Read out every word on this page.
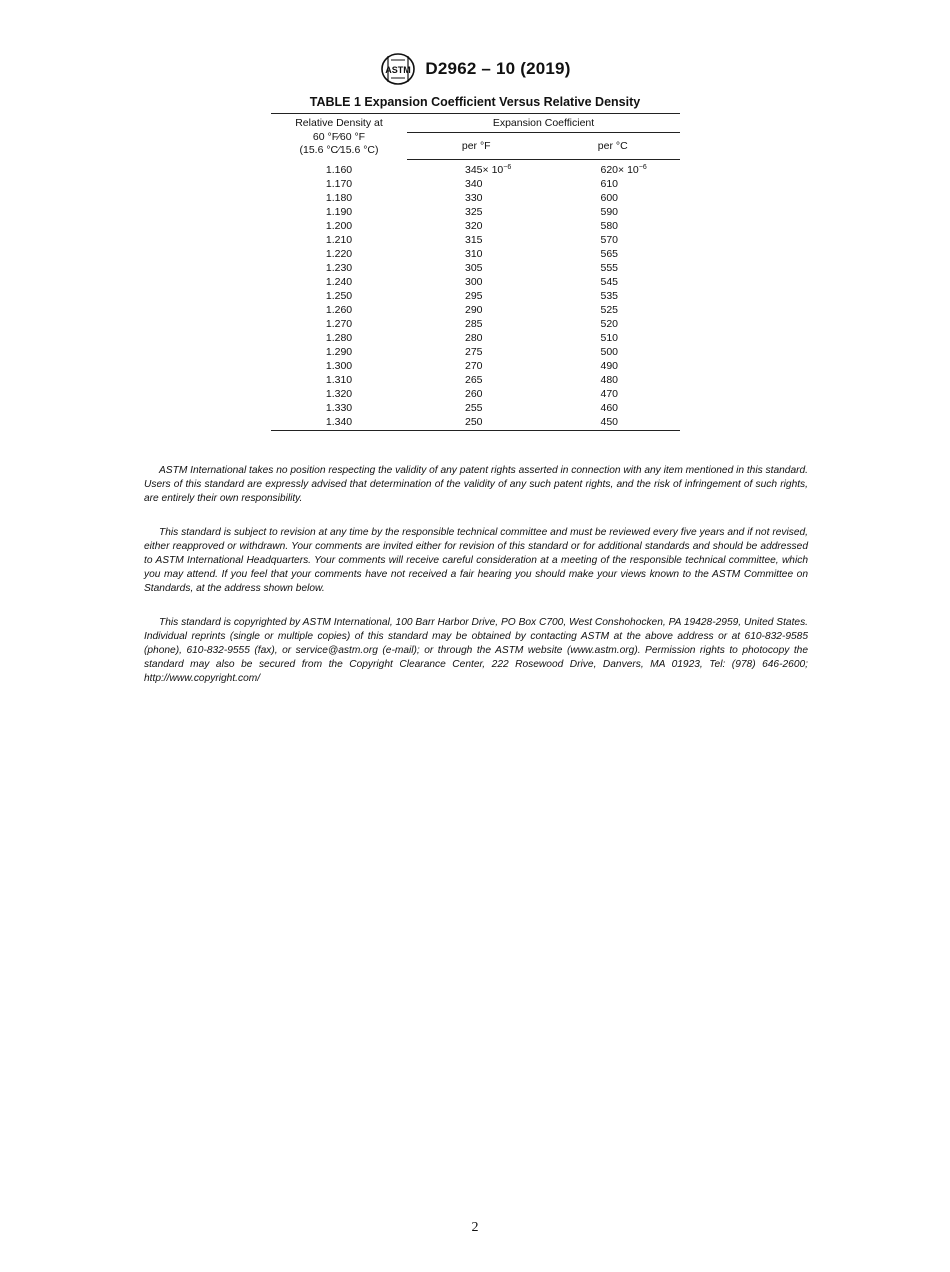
ASTM D2962 – 10 (2019)
TABLE 1 Expansion Coefficient Versus Relative Density
Relative Density at
60 °F⁄60 °F
(15.6 °C⁄15.6 °C)	Expansion Coefficient	
	per °F	per °C
1.160	$345\times 10^{-6}$	$620\times 10^{-6}$
1.170	340	610
1.180	330	600
1.190	325	590
1.200	320	580
1.210	315	570
1.220	310	565
1.230	305	555
1.240	300	545
1.250	295	535
1.260	290	525
1.270	285	520
1.280	280	510
1.290	275	500
1.300	270	490
1.310	265	480
1.320	260	470
1.330	255	460
1.340	250	450

ASTM International takes no position respecting the validity of any patent rights asserted in connection with any item mentioned in this standard. Users of this standard are expressly advised that determination of the validity of any such patent rights, and the risk of infringement of such rights, are entirely their own responsibility.

This standard is subject to revision at any time by the responsible technical committee and must be reviewed every five years and if not revised, either reapproved or withdrawn. Your comments are invited either for revision of this standard or for additional standards and should be addressed to ASTM International Headquarters. Your comments will receive careful consideration at a meeting of the responsible technical committee, which you may attend. If you feel that your comments have not received a fair hearing you should make your views known to the ASTM Committee on Standards, at the address shown below.

This standard is copyrighted by ASTM International, 100 Barr Harbor Drive, PO Box C700, West Conshohocken, PA 19428-2959, United States. Individual reprints (single or multiple copies) of this standard may be obtained by contacting ASTM at the above address or at 610-832-9585 (phone), 610-832-9555 (fax), or service@astm.org (e-mail); or through the ASTM website (www.astm.org). Permission rights to photocopy the standard may also be secured from the Copyright Clearance Center, 222 Rosewood Drive, Danvers, MA 01923, Tel: (978) 646-2600; http://www.copyright.com/

2
